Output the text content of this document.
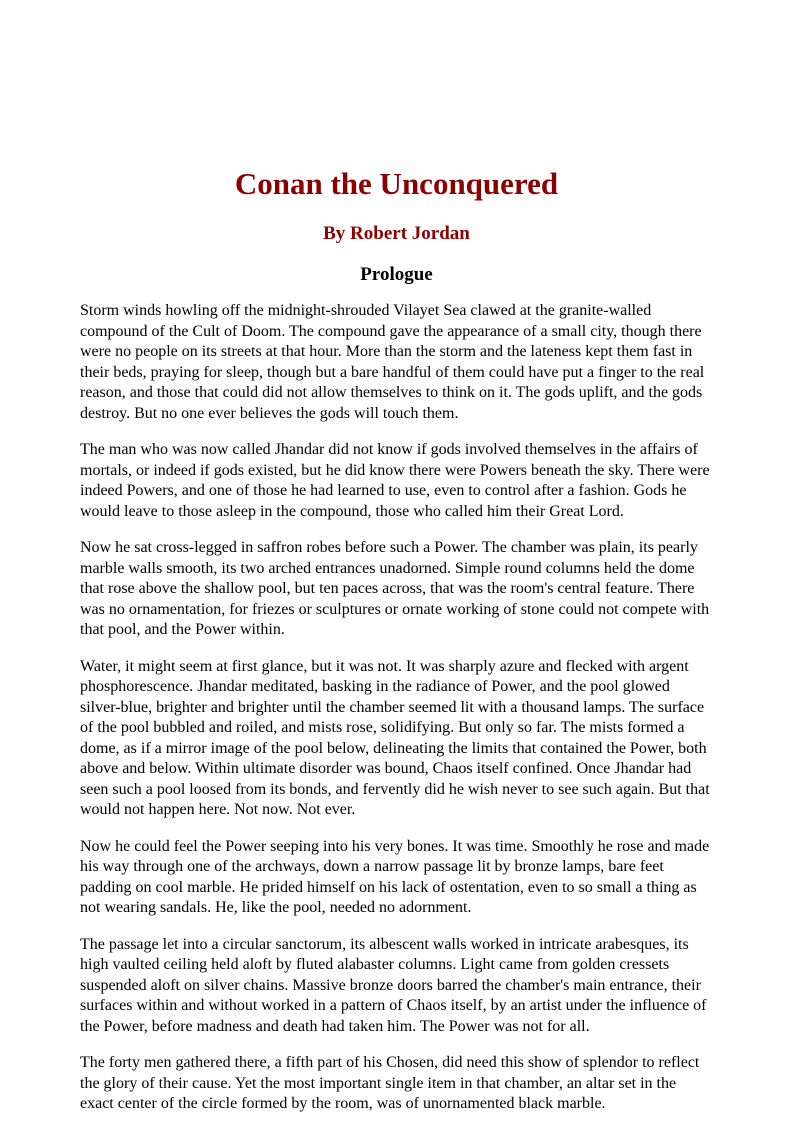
Conan the Unconquered
By Robert Jordan
Prologue

Storm winds howling off the midnight-shrouded Vilayet Sea clawed at the granite-walled compound of the Cult of Doom. The compound gave the appearance of a small city, though there were no people on its streets at that hour. More than the storm and the lateness kept them fast in their beds, praying for sleep, though but a bare handful of them could have put a finger to the real reason, and those that could did not allow themselves to think on it. The gods uplift, and the gods destroy. But no one ever believes the gods will touch them.

The man who was now called Jhandar did not know if gods involved themselves in the affairs of mortals, or indeed if gods existed, but he did know there were Powers beneath the sky. There were indeed Powers, and one of those he had learned to use, even to control after a fashion. Gods he would leave to those asleep in the compound, those who called him their Great Lord.

Now he sat cross-legged in saffron robes before such a Power. The chamber was plain, its pearly marble walls smooth, its two arched entrances unadorned. Simple round columns held the dome that rose above the shallow pool, but ten paces across, that was the room's central feature. There was no ornamentation, for friezes or sculptures or ornate working of stone could not compete with that pool, and the Power within.

Water, it might seem at first glance, but it was not. It was sharply azure and flecked with argent phosphorescence. Jhandar meditated, basking in the radiance of Power, and the pool glowed silver-blue, brighter and brighter until the chamber seemed lit with a thousand lamps. The surface of the pool bubbled and roiled, and mists rose, solidifying. But only so far. The mists formed a dome, as if a mirror image of the pool below, delineating the limits that contained the Power, both above and below. Within ultimate disorder was bound, Chaos itself confined. Once Jhandar had seen such a pool loosed from its bonds, and fervently did he wish never to see such again. But that would not happen here. Not now. Not ever.

Now he could feel the Power seeping into his very bones. It was time. Smoothly he rose and made his way through one of the archways, down a narrow passage lit by bronze lamps, bare feet padding on cool marble. He prided himself on his lack of ostentation, even to so small a thing as not wearing sandals. He, like the pool, needed no adornment.

The passage let into a circular sanctorum, its albescent walls worked in intricate arabesques, its high vaulted ceiling held aloft by fluted alabaster columns. Light came from golden cressets suspended aloft on silver chains. Massive bronze doors barred the chamber's main entrance, their surfaces within and without worked in a pattern of Chaos itself, by an artist under the influence of the Power, before madness and death had taken him. The Power was not for all.

The forty men gathered there, a fifth part of his Chosen, did need this show of splendor to reflect the glory of their cause. Yet the most important single item in that chamber, an altar set in the exact center of the circle formed by the room, was of unornamented black marble.
